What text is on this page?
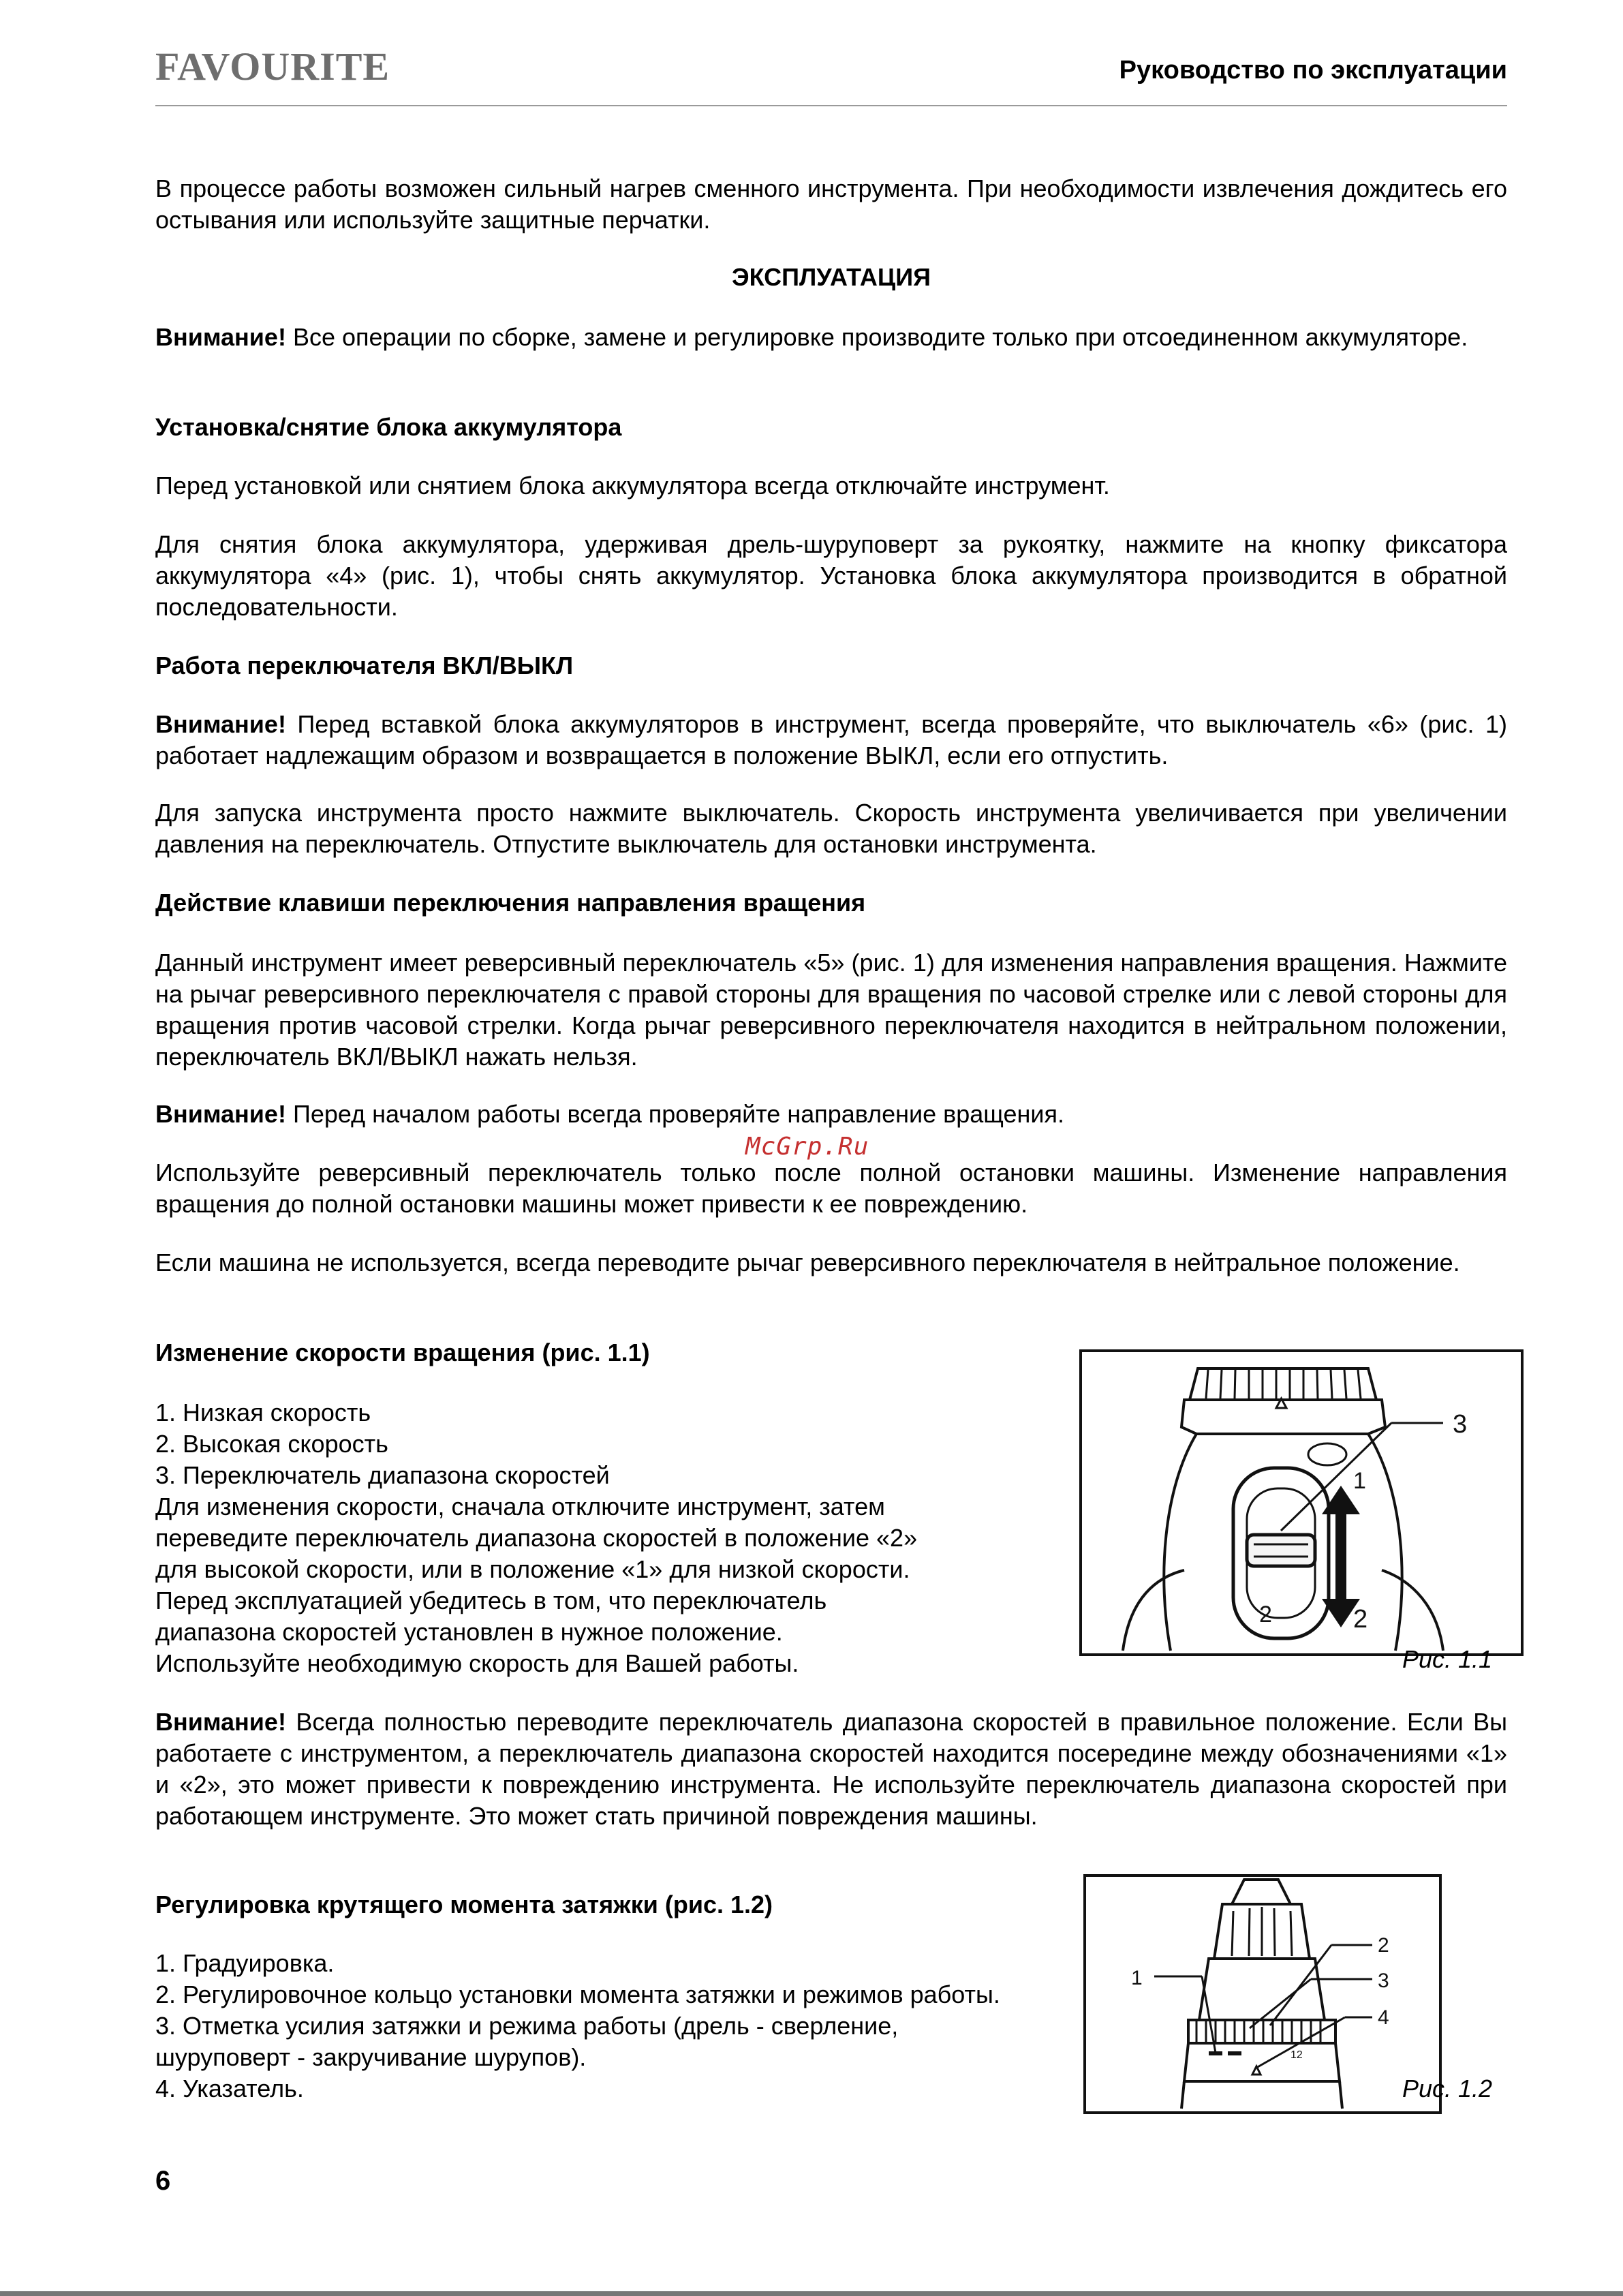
FAVOURITE	Руководство по эксплуатации

В процессе работы возможен сильный нагрев сменного инструмента. При необходимости извлечения дождитесь его остывания или используйте защитные перчатки.

ЭКСПЛУАТАЦИЯ

Внимание! Все операции по сборке, замене и регулировке производите только при отсоединенном аккумуляторе.

Установка/снятие блока аккумулятора

Перед установкой или снятием блока аккумулятора всегда отключайте инструмент.

Для снятия блока аккумулятора, удерживая дрель-шуруповерт за рукоятку, нажмите на кнопку фиксатора аккумулятора «4» (рис. 1), чтобы снять аккумулятор. Установка блока аккумулятора производится в обратной последовательности.

Работа переключателя ВКЛ/ВЫКЛ

Внимание! Перед вставкой блока аккумуляторов в инструмент, всегда проверяйте, что выключатель «6» (рис. 1) работает надлежащим образом и возвращается в положение ВЫКЛ, если его отпустить.

Для запуска инструмента просто нажмите выключатель. Скорость инструмента увеличивается при увеличении давления на переключатель. Отпустите выключатель для остановки инструмента.

Действие клавиши переключения направления вращения

Данный инструмент имеет реверсивный переключатель «5» (рис. 1) для изменения направления вращения. Нажмите на рычаг реверсивного переключателя с правой стороны для вращения по часовой стрелке или с левой стороны для вращения против часовой стрелки. Когда рычаг реверсивного переключателя находится в нейтральном положении, переключатель ВКЛ/ВЫКЛ нажать нельзя.

Внимание! Перед началом работы всегда проверяйте направление вращения.

McGrp.Ru

Используйте реверсивный переключатель только после полной остановки машины. Изменение направления вращения до полной остановки машины может привести к ее повреждению.

Если машина не используется, всегда переводите рычаг реверсивного переключателя в нейтральное положение.

Изменение скорости вращения (рис. 1.1)

1. Низкая скорость
2. Высокая скорость
3. Переключатель диапазона скоростей
Для изменения скорости, сначала отключите инструмент, затем
переведите переключатель диапазона скоростей в положение «2»
для высокой скорости, или в положение «1» для низкой скорости.
Перед эксплуатацией убедитесь в том, что переключатель
диапазона скоростей установлен в нужное положение.
Используйте необходимую скорость для Вашей работы.
3
1
2	2
Рис. 1.1

Внимание! Всегда полностью переводите переключатель диапазона скоростей в правильное положение. Если Вы работаете с инструментом, а переключатель диапазона скоростей находится посередине между обозначениями «1» и «2», это может привести к повреждению инструмента. Не используйте переключатель диапазона скоростей при работающем инструменте. Это может стать причиной повреждения машины.

Регулировка крутящего момента затяжки (рис. 1.2)

1. Градуировка.
2. Регулировочное кольцо установки момента затяжки и режимов работы.
3. Отметка усилия затяжки и режима работы (дрель - сверление,
шуруповерт - закручивание шурупов).
4. Указатель.
12
1
2
3
4
Рис. 1.2
6
